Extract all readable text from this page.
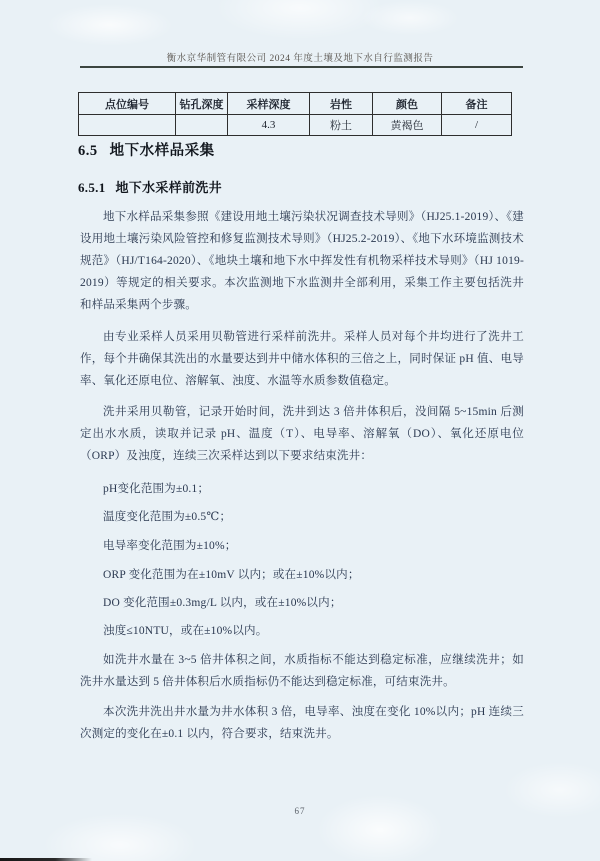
衡水京华制管有限公司 2024 年度土壤及地下水自行监测报告
点位编号	钻孔深度	采样深度	岩性	颜色	备注
		4.3	粉土	黄褐色	/
6.5 地下水样品采集
6.5.1 地下水采样前洗井
地下水样品采集参照《建设用地土壤污染状况调查技术导则》（HJ25.1-2019）、《建设用地土壤污染风险管控和修复监测技术导则》（HJ25.2-2019）、《地下水环境监测技术规范》（HJ/T164-2020）、《地块土壤和地下水中挥发性有机物采样技术导则》（HJ 1019-2019）等规定的相关要求。本次监测地下水监测井全部利用，采集工作主要包括洗井和样品采集两个步骤。
由专业采样人员采用贝勒管进行采样前洗井。采样人员对每个井均进行了洗井工作，每个井确保其洗出的水量要达到井中储水体积的三倍之上，同时保证 pH 值、电导率、氧化还原电位、溶解氧、浊度、水温等水质参数值稳定。
洗井采用贝勒管，记录开始时间，洗井到达 3 倍井体积后，没间隔 5~15min 后测定出水水质，读取并记录 pH、温度（T）、电导率、溶解氧（DO）、氧化还原电位（ORP）及浊度，连续三次采样达到以下要求结束洗井：
pH变化范围为±0.1；
温度变化范围为±0.5℃；
电导率变化范围为±10%；
ORP 变化范围为在±10mV 以内；或在±10%以内；
DO 变化范围±0.3mg/L 以内，或在±10%以内；
浊度≤10NTU，或在±10%以内。
如洗井水量在 3~5 倍井体积之间，水质指标不能达到稳定标准，应继续洗井；如洗井水量达到 5 倍井体积后水质指标仍不能达到稳定标准，可结束洗井。
本次洗井洗出井水量为井水体积 3 倍，电导率、浊度在变化 10%以内；pH 连续三次测定的变化在±0.1 以内，符合要求，结束洗井。
67
